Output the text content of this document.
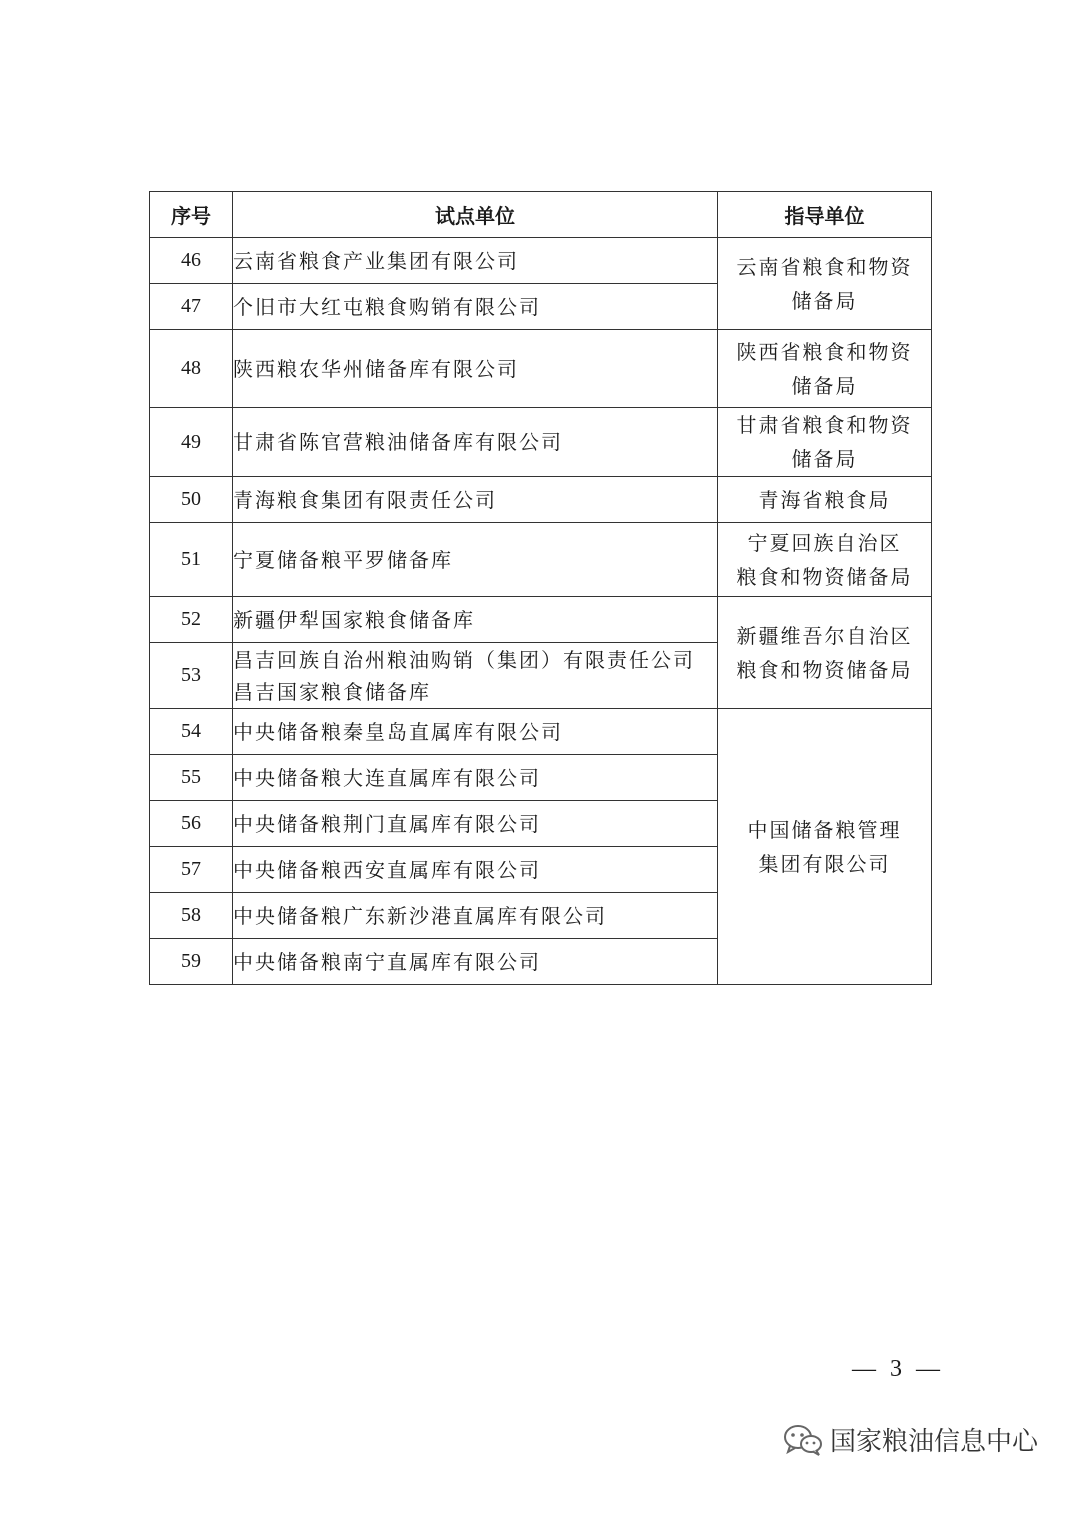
序号	试点单位	指导单位
46	云南省粮食产业集团有限公司	云南省粮食和物资
储备局

47	个旧市大红屯粮食购销有限公司	

48	陕西粮农华州储备库有限公司	陕西省粮食和物资
储备局

49	甘肃省陈官营粮油储备库有限公司	甘肃省粮食和物资
储备局

50	青海粮食集团有限责任公司	青海省粮食局

51	宁夏储备粮平罗储备库	宁夏回族自治区
粮食和物资储备局

52	新疆伊犁国家粮食储备库	新疆维吾尔自治区
粮食和物资储备局

53	昌吉回族自治州粮油购销（集团）有限责任公司
昌吉国家粮食储备库	

54	中央储备粮秦皇岛直属库有限公司	中国储备粮管理
集团有限公司

55	中央储备粮大连直属库有限公司	

56	中央储备粮荆门直属库有限公司	

57	中央储备粮西安直属库有限公司	

58	中央储备粮广东新沙港直属库有限公司	

59	中央储备粮南宁直属库有限公司	
— 3 —
国家粮油信息中心
